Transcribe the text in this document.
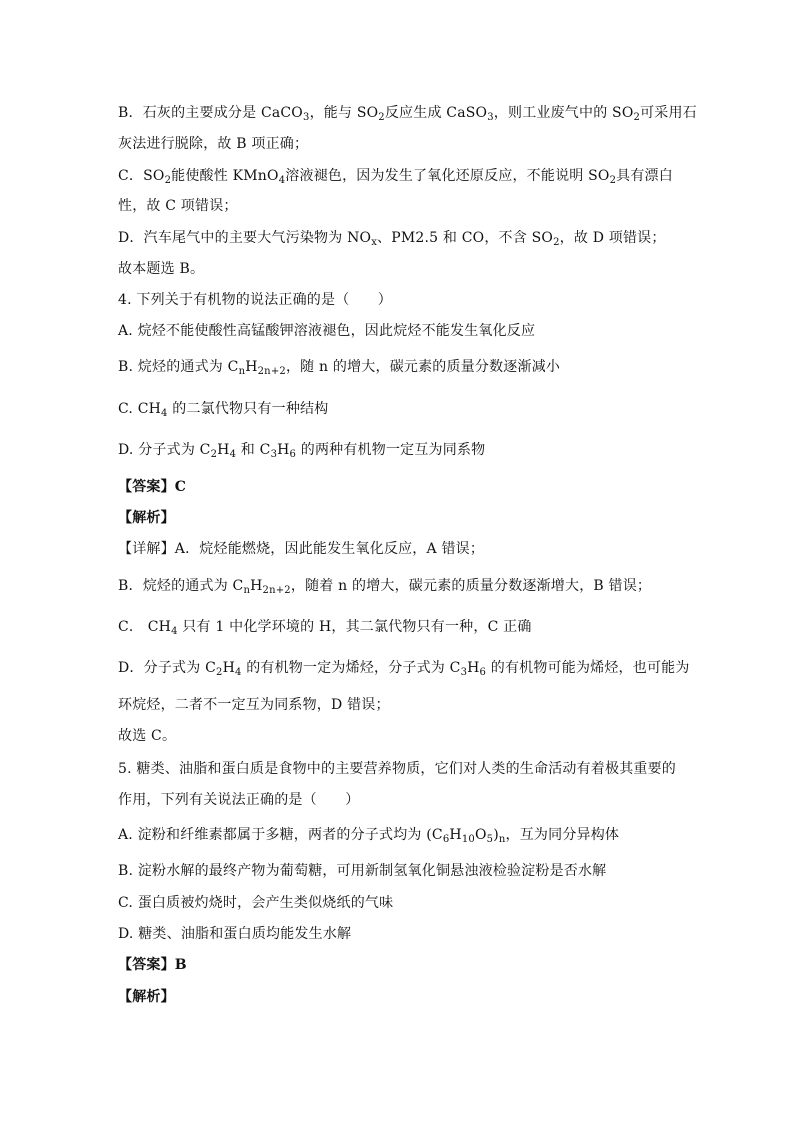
B．石灰的主要成分是 CaCO$_3$，能与 $SO_2$反应生成 CaSO$_3$，则工业废气中的 $SO_2$可采用石
灰法进行脱除，故 B 项正确；
C．$SO_2$能使酸性 KMnO$_4$溶液褪色，因为发生了氧化还原反应，不能说明 $SO_2$具有漂白
性，故 C 项错误；
D．汽车尾气中的主要大气污染物为 $NO_x$、PM2.5 和 CO，不含 $SO_2$，故 D 项错误；
故本题选 B。
4. 下列关于有机物的说法正确的是（　　）
A. 烷烃不能使酸性高锰酸钾溶液褪色，因此烷烃不能发生氧化反应
B. 烷烃的通式为 $C_nH_{2n+2}$，随 n 的增大，碳元素的质量分数逐渐减小
C. $CH_4$ 的二氯代物只有一种结构
D. 分子式为 $C_2H_4$ 和 $C_3H_6$ 的两种有机物一定互为同系物
【答案】C
【解析】
【详解】A．烷烃能燃烧，因此能发生氧化反应，A 错误；
B．烷烃的通式为 $C_nH_{2n+2}$，随着 n 的增大，碳元素的质量分数逐渐增大，B 错误；
C． $CH_4$ 只有 1 中化学环境的 H，其二氯代物只有一种，C 正确
D．分子式为 $C_2H_4$ 的有机物一定为烯烃，分子式为 $C_3H_6$ 的有机物可能为烯烃，也可能为
环烷烃，二者不一定互为同系物，D 错误；
故选 C。
5. 糖类、油脂和蛋白质是食物中的主要营养物质，它们对人类的生命活动有着极其重要的
作用，下列有关说法正确的是（　　）
A. 淀粉和纤维素都属于多糖，两者的分子式均为 $(C_6H_{10}O_5)_n$，互为同分异构体
B. 淀粉水解的最终产物为葡萄糖，可用新制氢氧化铜悬浊液检验淀粉是否水解
C. 蛋白质被灼烧时，会产生类似烧纸的气味
D. 糖类、油脂和蛋白质均能发生水解
【答案】B
【解析】
